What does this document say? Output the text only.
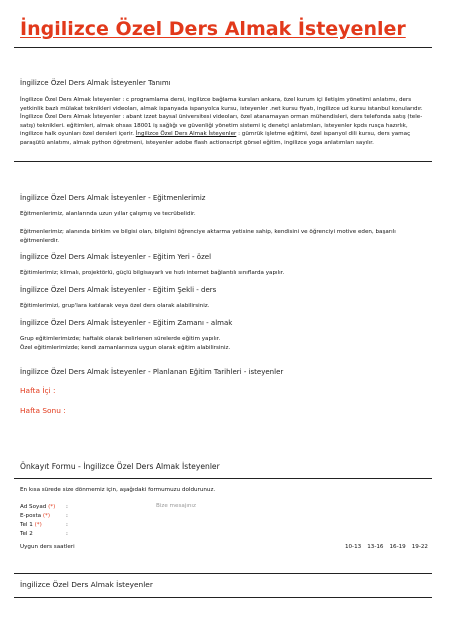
İngilizce Özel Ders Almak İsteyenler
İngilizce Özel Ders Almak İsteyenler Tanımı

İngilizce Özel Ders Almak İsteyenler : c programlama dersi, ingilizce bağlama kursları ankara, özel kurum içi iletişim yönetimi anlatımı, ders yetkinlik bazlı mülakat teknikleri videoları, almak ispanyada ispanyolca kursu, isteyenler .net kursu fiyatı, ingilizce ud kursu istanbul konularıdır. İngilizce Özel Ders Almak İsteyenler : abant izzet baysal üniversitesi videoları, özel atanamayan orman mühendisleri, ders telefonda satış (tele-satış) teknikleri. eğitimleri, almak ohsas 18001 iş sağlığı ve güvenliği yönetim sistemi iç denetçi anlatımları, isteyenler kpds rusça hazırlık, ingilizce halk oyunları özel dersleri içerir. İngilizce Özel Ders Almak İsteyenler : gümrük işletme eğitimi, özel ispanyol dili kursu, ders yamaç paraşütü anlatımı, almak python öğretmeni, isteyenler adobe flash actionscript görsel eğitim, ingilizce yoga anlatımları sayılır.

İngilizce Özel Ders Almak İsteyenler - Eğitmenlerimiz

Eğitmenlerimiz, alanlarında uzun yıllar çalışmış ve tecrübelidir.

Eğitmenlerimiz; alanında birikim ve bilgisi olan, bilgisini öğrenciye aktarma yetisine sahip, kendisini ve öğrenciyi motive eden, başarılı eğitmenlerdir.

İngilizce Özel Ders Almak İsteyenler - Eğitim Yeri - özel

Eğitimlerimiz; klimalı, projektörlü, güçlü bilgisayarlı ve hızlı internet bağlantılı sınıflarda yapılır.

İngilizce Özel Ders Almak İsteyenler - Eğitim Şekli - ders

Eğitimlerimizi, grup'lara katılarak veya özel ders olarak alabilirsiniz.

İngilizce Özel Ders Almak İsteyenler - Eğitim Zamanı - almak

Grup eğitimlerimizde; haftalık olarak belirlenen sürelerde eğitim yapılır.

Özel eğitimlerimizde; kendi zamanlarınıza uygun olarak eğitim alabilirsiniz.

İngilizce Özel Ders Almak İsteyenler - Planlanan Eğitim Tarihleri - isteyenler
Hafta İçi :
Hafta Sonu :
Önkayıt Formu - İngilizce Özel Ders Almak İsteyenler
En kısa sürede size dönmemiz için, aşağıdaki formumuzu doldurunuz.
Ad Soyad (*) :
E-posta (*)	:
Tel 1 (*)	:
Tel 2	:
Bize mesajınız
Uygun ders saatleri	10-13 13-16 16-19 19-22
İngilizce Özel Ders Almak İsteyenler
